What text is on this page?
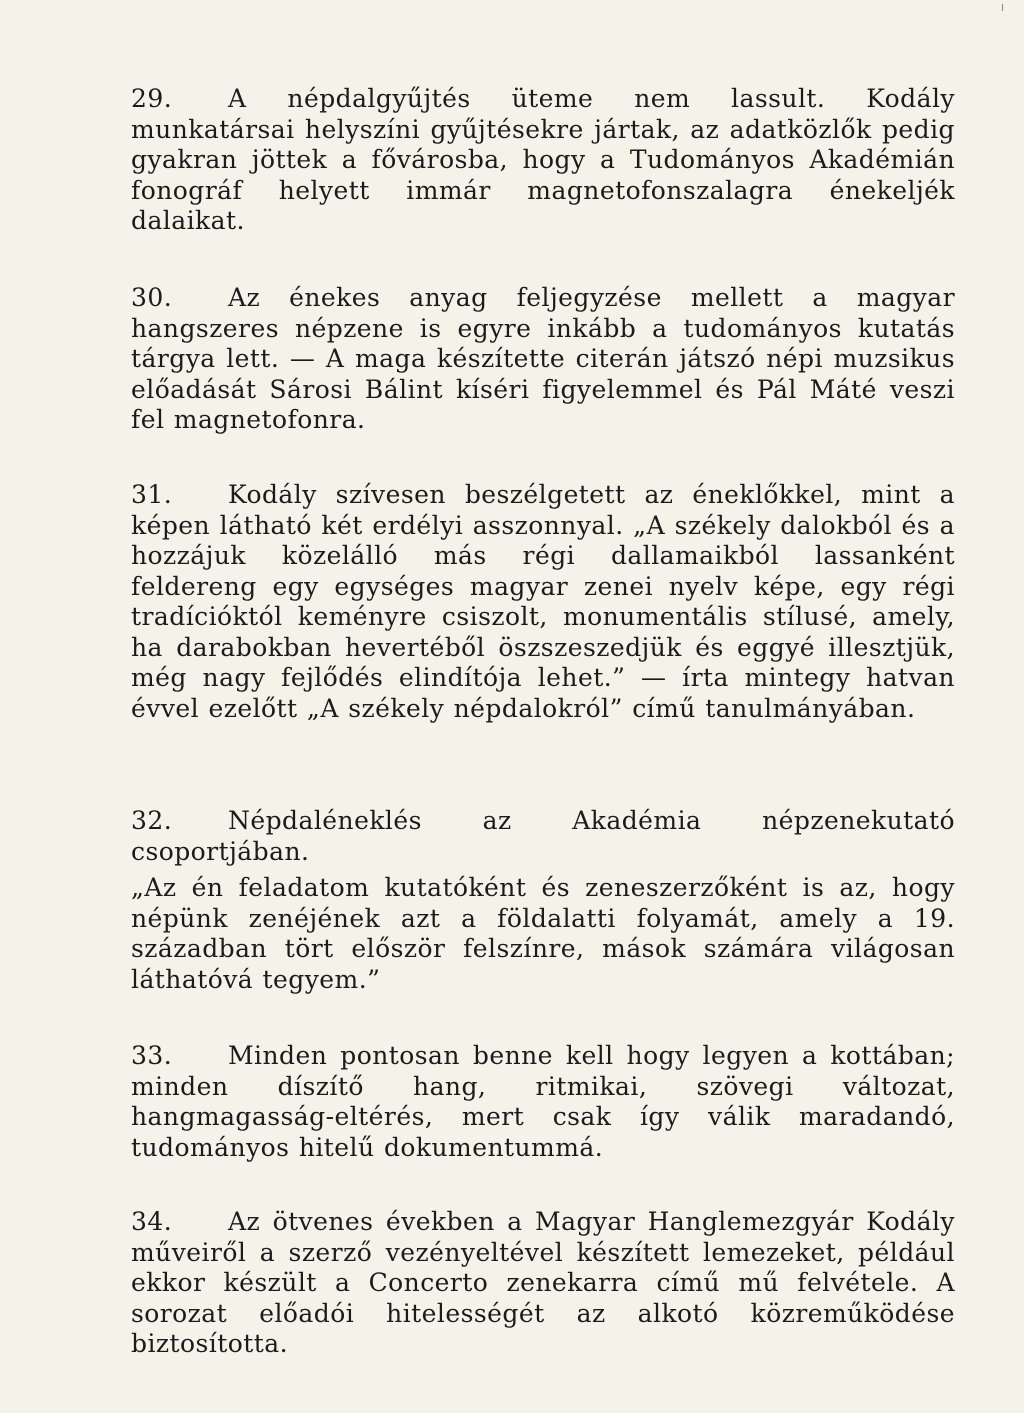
29. A népdalgyűjtés üteme nem lassult. Kodály munkatársai helyszíni gyűjtésekre jártak, az adatközlők pedig gyakran jöttek a fővárosba, hogy a Tudományos Akadémián fonográf helyett immár magnetofonszalagra énekeljék dalaikat.

30. Az énekes anyag feljegyzése mellett a magyar hangszeres népzene is egyre inkább a tudományos kutatás tárgya lett. — A maga készítette citerán játszó népi muzsikus előadását Sárosi Bálint kíséri figyelemmel és Pál Máté veszi fel magnetofonra.

31. Kodály szívesen beszélgetett az éneklőkkel, mint a képen látható két erdélyi asszonnyal. „A székely dalokból és a hozzájuk közelálló más régi dallamaikból lassanként feldereng egy egységes magyar zenei nyelv képe, egy régi tradícióktól keményre csiszolt, monumentális stílusé, amely, ha darabokban hevertéből öszszeszedjük és eggyé illesztjük, még nagy fejlődés elindítója lehet.” — írta mintegy hatvan évvel ezelőtt „A székely népdalokról” című tanulmányában.

32. Népdaléneklés az Akadémia népzenekutató csoportjában.

„Az én feladatom kutatóként és zeneszerzőként is az, hogy népünk zenéjének azt a földalatti folyamát, amely a 19. században tört először felszínre, mások számára világosan láthatóvá tegyem.”

33. Minden pontosan benne kell hogy legyen a kottában; minden díszítő hang, ritmikai, szövegi változat, hangmagasság-eltérés, mert csak így válik maradandó, tudományos hitelű dokumentummá.

34. Az ötvenes években a Magyar Hanglemezgyár Kodály műveiről a szerző vezényeltével készített lemezeket, például ekkor készült a Concerto zenekarra című mű felvétele. A sorozat előadói hitelességét az alkotó közreműködése biztosította.
